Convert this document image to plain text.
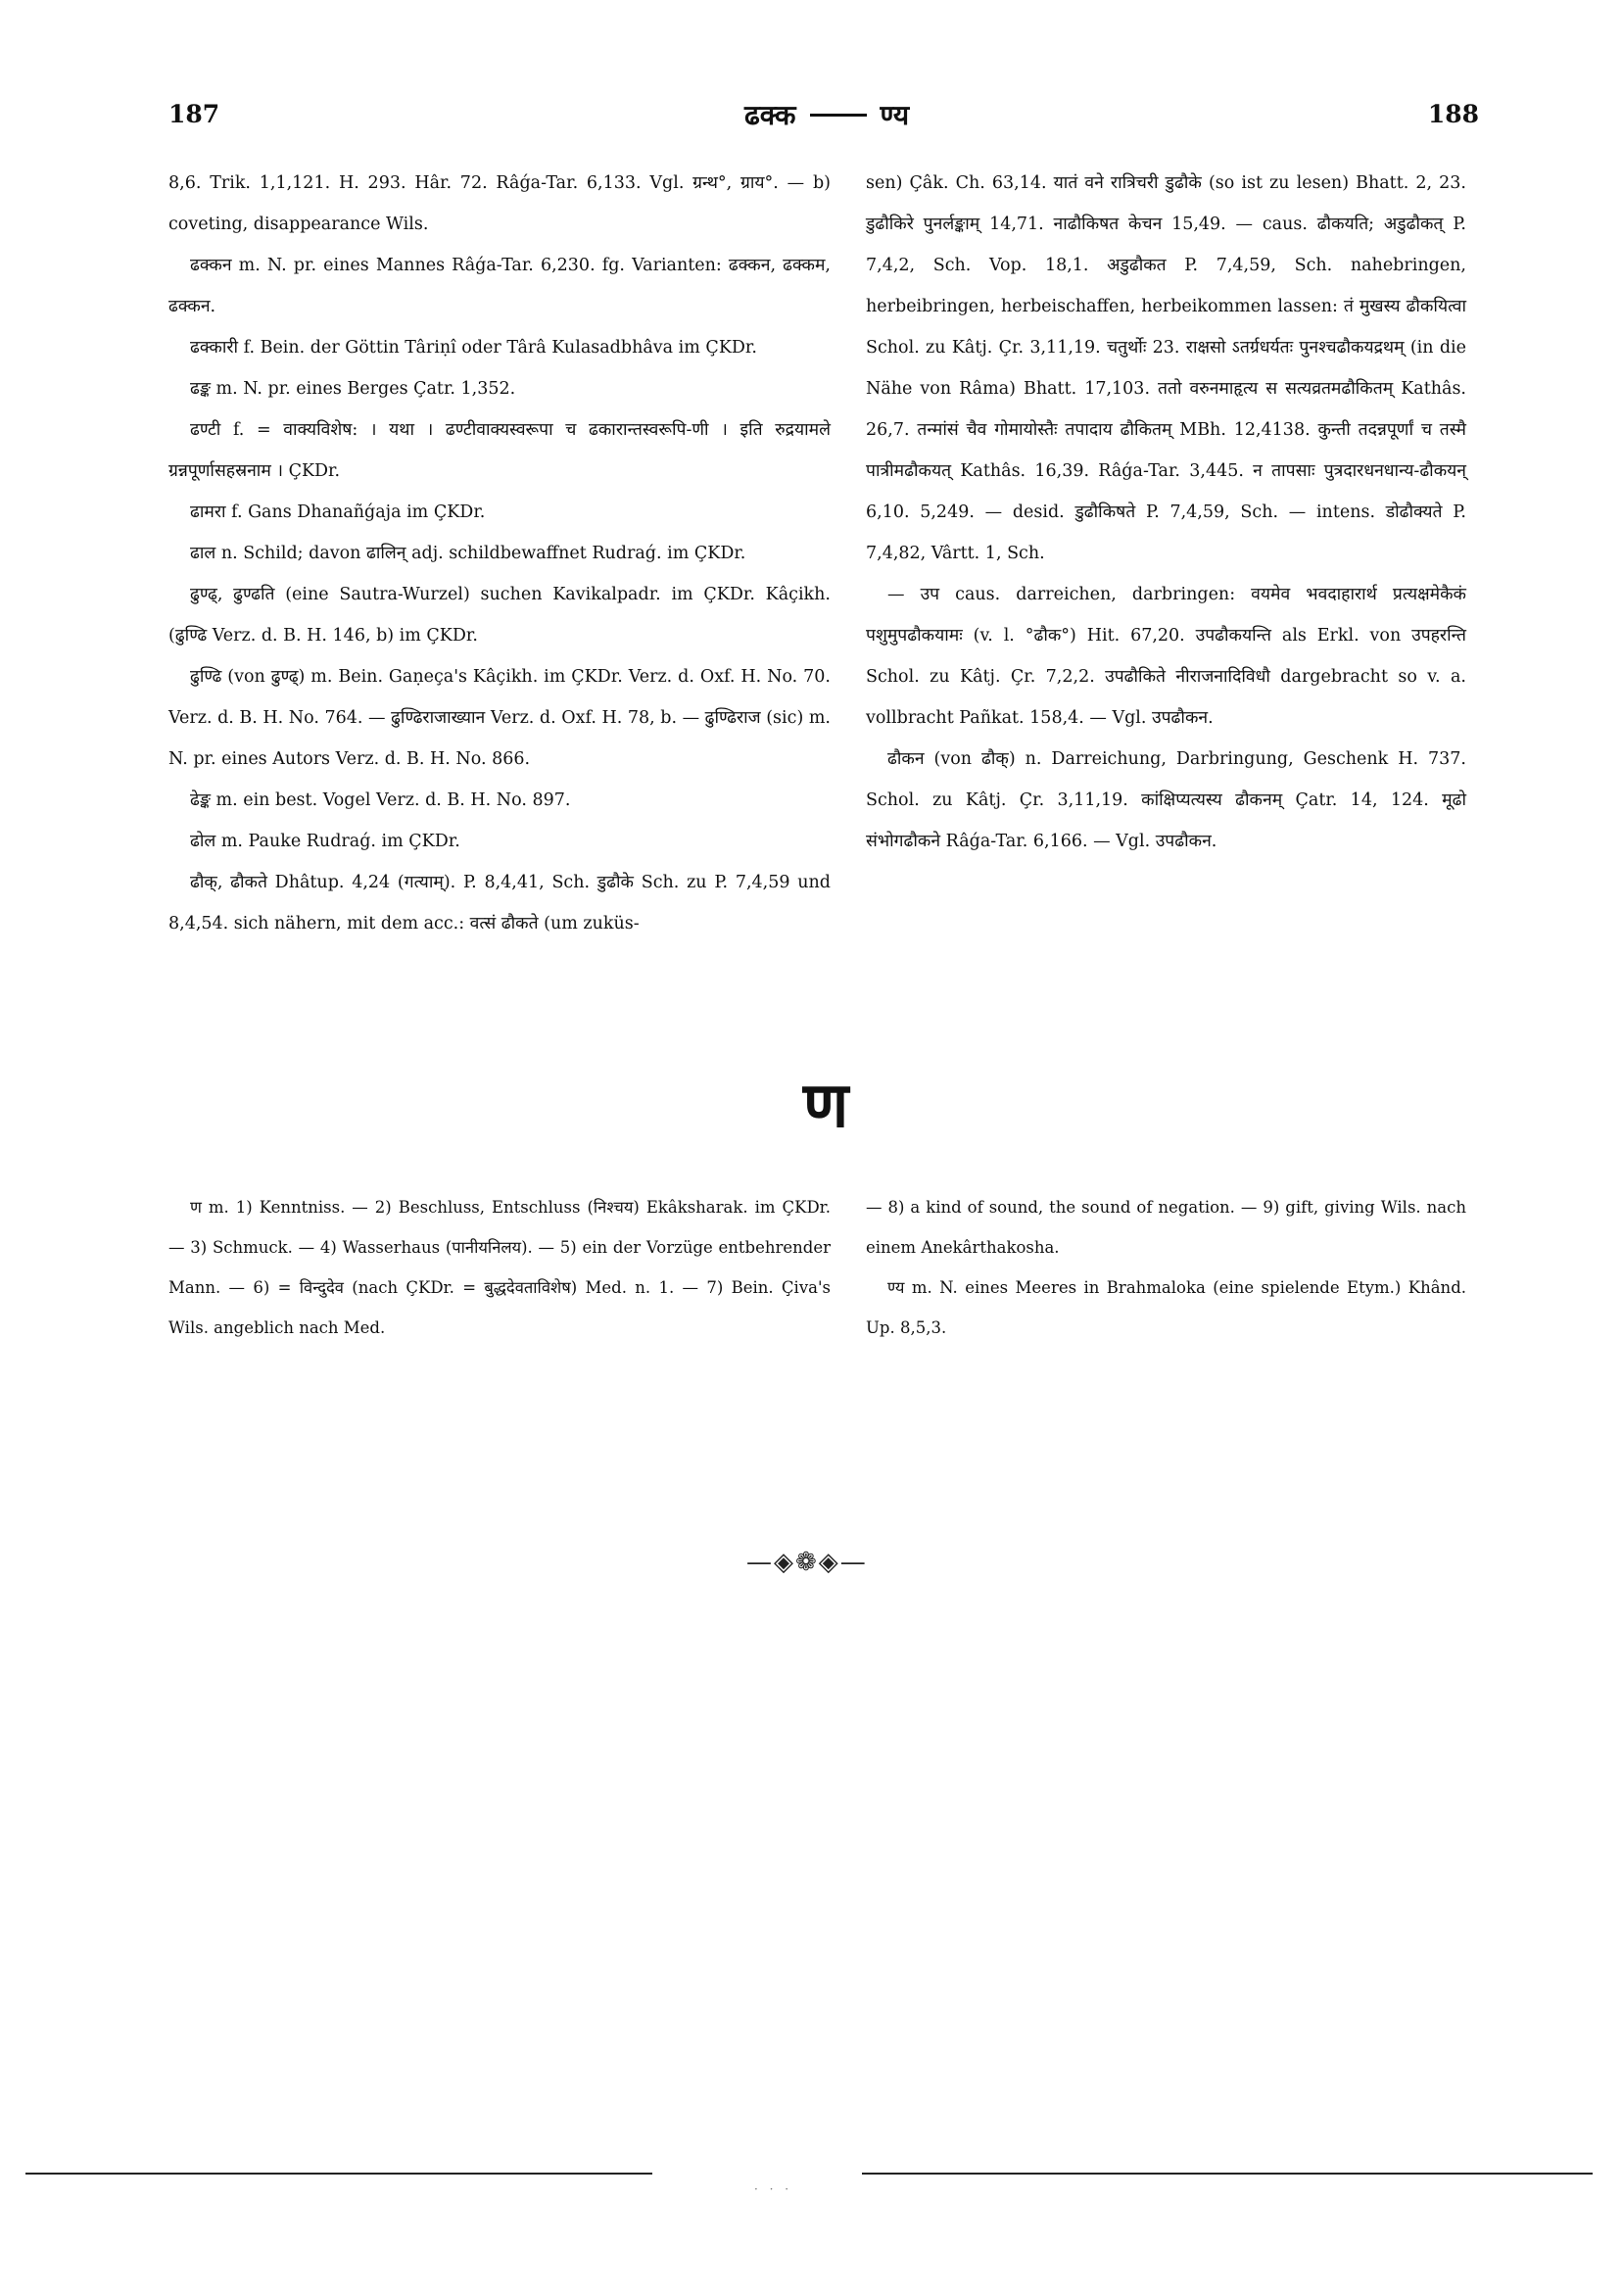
187	ढक्क	ण्य	188

8,6. Trik. 1,1,121. H. 293. Hâr. 72. Râǵa-Tar. 6,133. Vgl. ग्रन्थ°, ग्राय°. — b) coveting, disappearance Wils.

ढक्कन m. N. pr. eines Mannes Râǵa-Tar. 6,230. fg. Varianten: ढक्कन, ढक्कम, ढक्कन.

ढक्कारी f. Bein. der Göttin Târiṇî oder Târâ Kulasadbhâva im ÇKDr.

ढङ्क m. N. pr. eines Berges Çatr. 1,352.

ढण्टी f. = वाक्यविशेष: । यथा । ढण्टीवाक्यस्वरूपा च ढकारान्तस्वरूपि-णी । इति रुद्रयामले ग्रन्नपूर्णासहस्रनाम । ÇKDr.

ढामरा f. Gans Dhanañǵaja im ÇKDr.

ढाल n. Schild; davon ढालिन् adj. schildbewaffnet Rudraǵ. im ÇKDr.

ढुण्ढ्, ढुण्ढति (eine Sautra-Wurzel) suchen Kavikalpadr. im ÇKDr. Kâçikh. (ढुण्ढि Verz. d. B. H. 146, b) im ÇKDr.

ढुण्ढि (von ढुण्ढ्) m. Bein. Gaṇeça's Kâçikh. im ÇKDr. Verz. d. Oxf. H. No. 70. Verz. d. B. H. No. 764. — ढुण्ढिराजाख्यान Verz. d. Oxf. H. 78, b. — ढुण्ढिराज (sic) m. N. pr. eines Autors Verz. d. B. H. No. 866.

ढेङ्क m. ein best. Vogel Verz. d. B. H. No. 897.

ढोल m. Pauke Rudraǵ. im ÇKDr.

ढौक्, ढौकते Dhâtup. 4,24 (गत्याम्). P. 8,4,41, Sch. डुढौके Sch. zu P. 7,4,59 und 8,4,54. sich nähern, mit dem acc.: वत्सं ढौकते (um zuküs-

sen) Çâk. Ch. 63,14. यातं वने रात्रिचरी डुढौके (so ist zu lesen) Bhatt. 2, 23. डुढौकिरे पुनर्लङ्काम् 14,71. नाढौकिषत केचन 15,49. — caus. ढौकयति; अडुढौकत् P. 7,4,2, Sch. Vop. 18,1. अडुढौकत P. 7,4,59, Sch. nahebringen, herbeibringen, herbeischaffen, herbeikommen lassen: तं मुखस्य ढौकयित्वा Schol. zu Kâtj. Çr. 3,11,19. चतुर्थोः 23. राक्षसो ऽतर्ग्रधर्यतः पुनश्चढौकयद्रथम् (in die Nähe von Râma) Bhatt. 17,103. ततो वरुनमाहृत्य स सत्यव्रतमढौकितम् Kathâs. 26,7. तन्मांसं चैव गोमायोस्तैः तपादाय ढौकितम् MBh. 12,4138. कुन्ती तदन्नपूर्णां च तस्मै पात्रीमढौकयत् Kathâs. 16,39. Râǵa-Tar. 3,445. न तापसाः पुत्रदारधनधान्य-ढौकयन् 6,10. 5,249. — desid. डुढौकिषते P. 7,4,59, Sch. — intens. डोढौक्यते P. 7,4,82, Vârtt. 1, Sch.

— उप caus. darreichen, darbringen: वयमेव भवदाहारार्थ प्रत्यक्षमेकैकं पशुमुपढौकयामः (v. l. °ढौक°) Hit. 67,20. उपढौकयन्ति als Erkl. von उपहरन्ति Schol. zu Kâtj. Çr. 7,2,2. उपढौकिते नीराजनादिविधौ dargebracht so v. a. vollbracht Pañkat. 158,4. — Vgl. उपढौकन.

ढौकन (von ढौक्) n. Darreichung, Darbringung, Geschenk H. 737. Schol. zu Kâtj. Çr. 3,11,19. कांक्षिप्यत्यस्य ढौकनम् Çatr. 14, 124. मूढो संभोगढौकने Râǵa-Tar. 6,166. — Vgl. उपढौकन.

ण

ण m. 1) Kenntniss. — 2) Beschluss, Entschluss (निश्चय) Ekâksharak. im ÇKDr. — 3) Schmuck. — 4) Wasserhaus (पानीयनिलय). — 5) ein der Vorzüge entbehrender Mann. — 6) = विन्दुदेव (nach ÇKDr. = बुद्धदेवताविशेष) Med. n. 1. — 7) Bein. Çiva's Wils. angeblich nach Med.

— 8) a kind of sound, the sound of negation. — 9) gift, giving Wils. nach einem Anekârthakosha.

ण्य m. N. eines Meeres in Brahmaloka (eine spielende Etym.) Khând. Up. 8,5,3.

—◈❁◈—
· · ·
